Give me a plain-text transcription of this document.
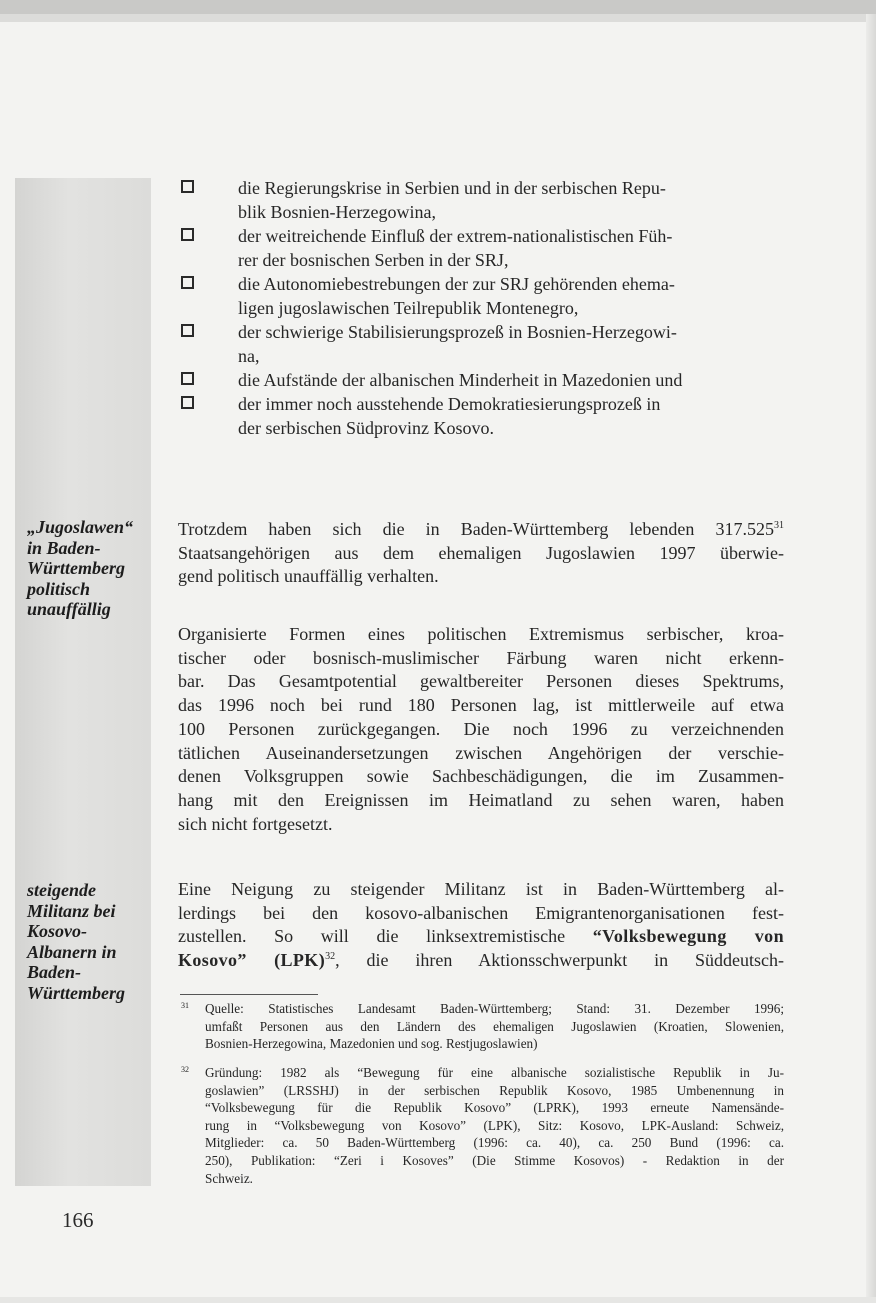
„Jugoslawen“
in Baden-
Württemberg
politisch
unauffällig
steigende
Militanz bei
Kosovo-
Albanern in
Baden-
Württemberg
die Regierungskrise in Serbien und in der serbischen Repu-
blik Bosnien-Herzegowina,
der weitreichende Einfluß der extrem-nationalistischen Füh-
rer der bosnischen Serben in der SRJ,
die Autonomiebestrebungen der zur SRJ gehörenden ehema-
ligen jugoslawischen Teilrepublik Montenegro,
der schwierige Stabilisierungsprozeß in Bosnien-Herzegowi-
na,
die Aufstände der albanischen Minderheit in Mazedonien und
der immer noch ausstehende Demokratiesierungsprozeß in
der serbischen Südprovinz Kosovo.
Trotzdem haben sich die in Baden-Württemberg lebenden 317.525$^{31}$
Staatsangehörigen aus dem ehemaligen Jugoslawien 1997 überwie-
gend politisch unauffällig verhalten.
Organisierte Formen eines politischen Extremismus serbischer, kroa-
tischer oder bosnisch-muslimischer Färbung waren nicht erkenn-
bar. Das Gesamtpotential gewaltbereiter Personen dieses Spektrums,
das 1996 noch bei rund 180 Personen lag, ist mittlerweile auf etwa
100 Personen zurückgegangen. Die noch 1996 zu verzeichnenden
tätlichen Auseinandersetzungen zwischen Angehörigen der verschie-
denen Volksgruppen sowie Sachbeschädigungen, die im Zusammen-
hang mit den Ereignissen im Heimatland zu sehen waren, haben
sich nicht fortgesetzt.
Eine Neigung zu steigender Militanz ist in Baden-Württemberg al-
lerdings bei den kosovo-albanischen Emigrantenorganisationen fest-
zustellen. So will die linksextremistische “Volksbewegung von
Kosovo” (LPK)$^{32}$, die ihren Aktionsschwerpunkt in Süddeutsch-
31	Quelle: Statistisches Landesamt Baden-Württemberg; Stand: 31. Dezember 1996;
umfaßt Personen aus den Ländern des ehemaligen Jugoslawien (Kroatien, Slowenien,
Bosnien-Herzegowina, Mazedonien und sog. Restjugoslawien)
32	Gründung: 1982 als “Bewegung für eine albanische sozialistische Republik in Ju-
goslawien” (LRSSHJ) in der serbischen Republik Kosovo, 1985 Umbenennung in
“Volksbewegung für die Republik Kosovo” (LPRK), 1993 erneute Namensände-
rung in “Volksbewegung von Kosovo” (LPK), Sitz: Kosovo, LPK-Ausland: Schweiz,
Mitglieder: ca. 50 Baden-Württemberg (1996: ca. 40), ca. 250 Bund (1996: ca.
250), Publikation: “Zeri i Kosoves” (Die Stimme Kosovos) - Redaktion in der
Schweiz.
166
